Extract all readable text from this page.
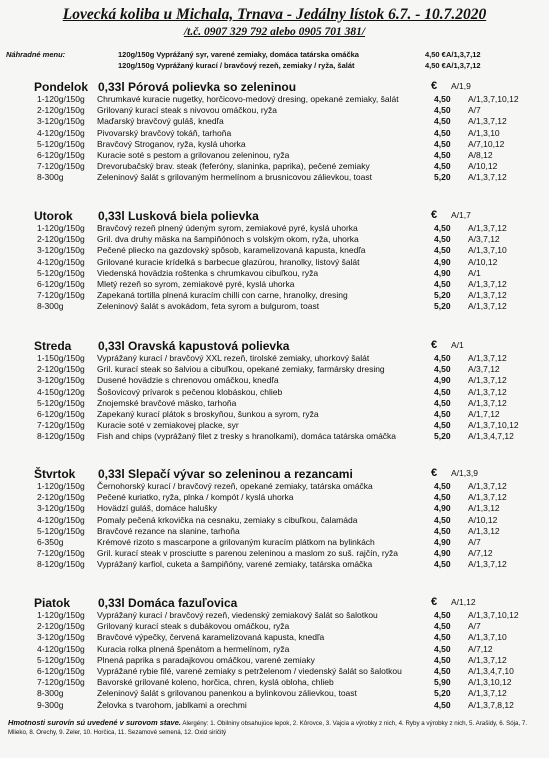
Lovecká koliba u Michala, Trnava - Jedálny lístok 6.7. - 10.7.2020
/t.č. 0907 329 792 alebo 0905 701 381/
Náhradné menu:	120g/150g Vyprážaný syr, varené zemiaky, domáca tatárska omáčka	4,50 € A/1,3,7,12
120g/150g Vyprážaný kurací / bravčový rezeň, zemiaky / ryža, šalát	4,50 € A/1,3,7,12
Pondelok 0,33l Pórová polievka so zeleninou	€ A/1,9
1-120g/150g Chrumkavé kuracie nugetky, horčicovo-medový dresing, opekané zemiaky, šalát	4,50 A/1,3,7,10,12
2-120g/150g Grilovaný kurací steak s nivovou omáčkou, ryža	4,50 A/7
3-120g/150g Maďarský bravčový guláš, knedľa	4,50 A/1,3,7,12
4-120g/150g Pivovarský bravčový tokáň, tarhoňa	4,50 A/1,3,10
5-120g/150g Bravčový Stroganov, ryža, kyslá uhorka	4,50 A/7,10,12
6-120g/150g Kuracie soté s pestom a grilovanou zeleninou, ryža	4,50 A/8,12
7-120g/150g Drevorubačský brav. steak (feferóny, slaninka, paprika), pečené zemiaky	4,50 A/10,12
8-300g	Zeleninový šalát s grilovaným hermelínom a brusnicovou zálievkou, toast	5,20 A/1,3,7,12
Utorok 0,33l Lusková biela polievka	€ A/1,7
1-120g/150g Bravčový rezeň plnený údeným syrom, zemiakové pyré, kyslá uhorka	4,50 A/1,3,7,12
2-120g/150g Gril. dva druhy mäska na šampiňónoch s volským okom, ryža, uhorka	4,50 A/3,7,12
3-120g/150g Pečené pliecko na gazdovský spôsob, karamelizovaná kapusta, knedľa	4,50 A/1,3,7,10
4-120g/150g Grilované kuracie krídelká s barbecue glazúrou, hranolky, listový šalát	4,90 A/10,12
5-120g/150g Viedenská hovädzia roštenka s chrumkavou cibuľkou, ryža	4,90 A/1
6-120g/150g Mletý rezeň so syrom, zemiakové pyré, kyslá uhorka	4,50 A/1,3,7,12
7-120g/150g Zapekaná tortilla plnená kuracím chilli con carne, hranolky, dresing	5,20 A/1,3,7,12
8-300g	Zeleninový šalát s avokádom, feta syrom a bulgurom, toast	5,20 A/1,3,7,12
Streda 0,33l Oravská kapustová polievka	€ A/1
1-150g/150g Vyprážaný kurací / bravčový XXL rezeň, tirolské zemiaky, uhorkový šalát	4,50 A/1,3,7,12
2-120g/150g Gril. kurací steak so šalviou a cibuľkou, opekané zemiaky, farmársky dresing	4,50 A/3,7,12
3-120g/150g Dusené hovädzie s chrenovou omáčkou, knedľa	4,90 A/1,3,7,12
4-150g/120g Šošovicový prívarok s pečenou klobáskou, chlieb	4,50 A/1,3,7,12
5-120g/150g Znojemské bravčové mäsko, tarhoňa	4,50 A/1,3,7,12
6-120g/150g Zapekaný kurací plátok s broskyňou, šunkou a syrom, ryža	4,50 A/1,7,12
7-120g/150g Kuracie soté v zemiakovej placke, syr	4,50 A/1,3,7,10,12
8-120g/150g Fish and chips (vyprážaný filet z tresky s hranolkami), domáca tatárska omáčka	5,20 A/1,3,4,7,12
Štvrtok 0,33l Slepačí vývar so zeleninou a rezancami	€ A/1,3,9
1-120g/150g Černohorský kurací / bravčový rezeň, opekané zemiaky, tatárska omáčka	4,50 A/1,3,7,12
2-120g/150g Pečené kuriatko, ryža, plnka / kompót / kyslá uhorka	4,50 A/1,3,7,12
3-120g/150g Hovädzí guláš, domáce halušky	4,90 A/1,3,12
4-120g/150g Pomaly pečená krkovička na cesnaku, zemiaky s cibuľkou, čalamáda	4,50 A/10,12
5-120g/150g Bravčové rezance na slanine, tarhoňa	4,50 A/1,3,12
6-350g	Krémové rizoto s mascarpone a grilovaným kuracím plátkom na bylinkách	4,90 A/7
7-120g/150g Gril. kurací steak v prosciutte s parenou zeleninou a maslom zo suš. rajčín, ryža	4,90 A/7,12
8-120g/150g Vyprážaný karfiol, cuketa a šampiňóny, varené zemiaky, tatárska omáčka	4,50 A/1,3,7,12
Piatok 0,33l Domáca fazuľovica	€ A/1,12
1-120g/150g Vyprážaný kurací / bravčový rezeň, viedenský zemiakový šalát so šalotkou	4,50 A/1,3,7,10,12
2-120g/150g Grilovaný kurací steak s dubákovou omáčkou, ryža	4,50 A/7
3-120g/150g Bravčové výpečky, červená karamelizovaná kapusta, knedľa	4,50 A/1,3,7,10
4-120g/150g Kuracia rolka plnená špenátom a hermelínom, ryža	4,50 A/7,12
5-120g/150g Plnená paprika s paradajkovou omáčkou, varené zemiaky	4,50 A/1,3,7,12
6-120g/150g Vyprážané rybie filé, varené zemiaky s petrželenom / viedenský šalát so šalotkou	4,50 A/1,3,4,7,10
7-120g/150g Bavorské grilované koleno, horčica, chren, kyslá obloha, chlieb	5,90 A/1,3,10,12
8-300g	Zeleninový šalát s grilovanou panenkou a bylinkovou zálievkou, toast	5,20 A/1,3,7,12
9-300g	Želovka s tvarohom, jablkami a orechmi	4,50 A/1,3,7,8,12
Hmotnosti surovín sú uvedené v surovom stave. Alergény: 1. Obilniny obsahujúce lepok, 2. Kôrovce, 3. Vajcia a výrobky z nich, 4. Ryby a výrobky z nich, 5. Arašidy, 6. Sója, 7. Mlieko, 8. Orechy, 9. Zeler, 10. Horčica, 11. Sezamové semená, 12. Oxid siričitý
